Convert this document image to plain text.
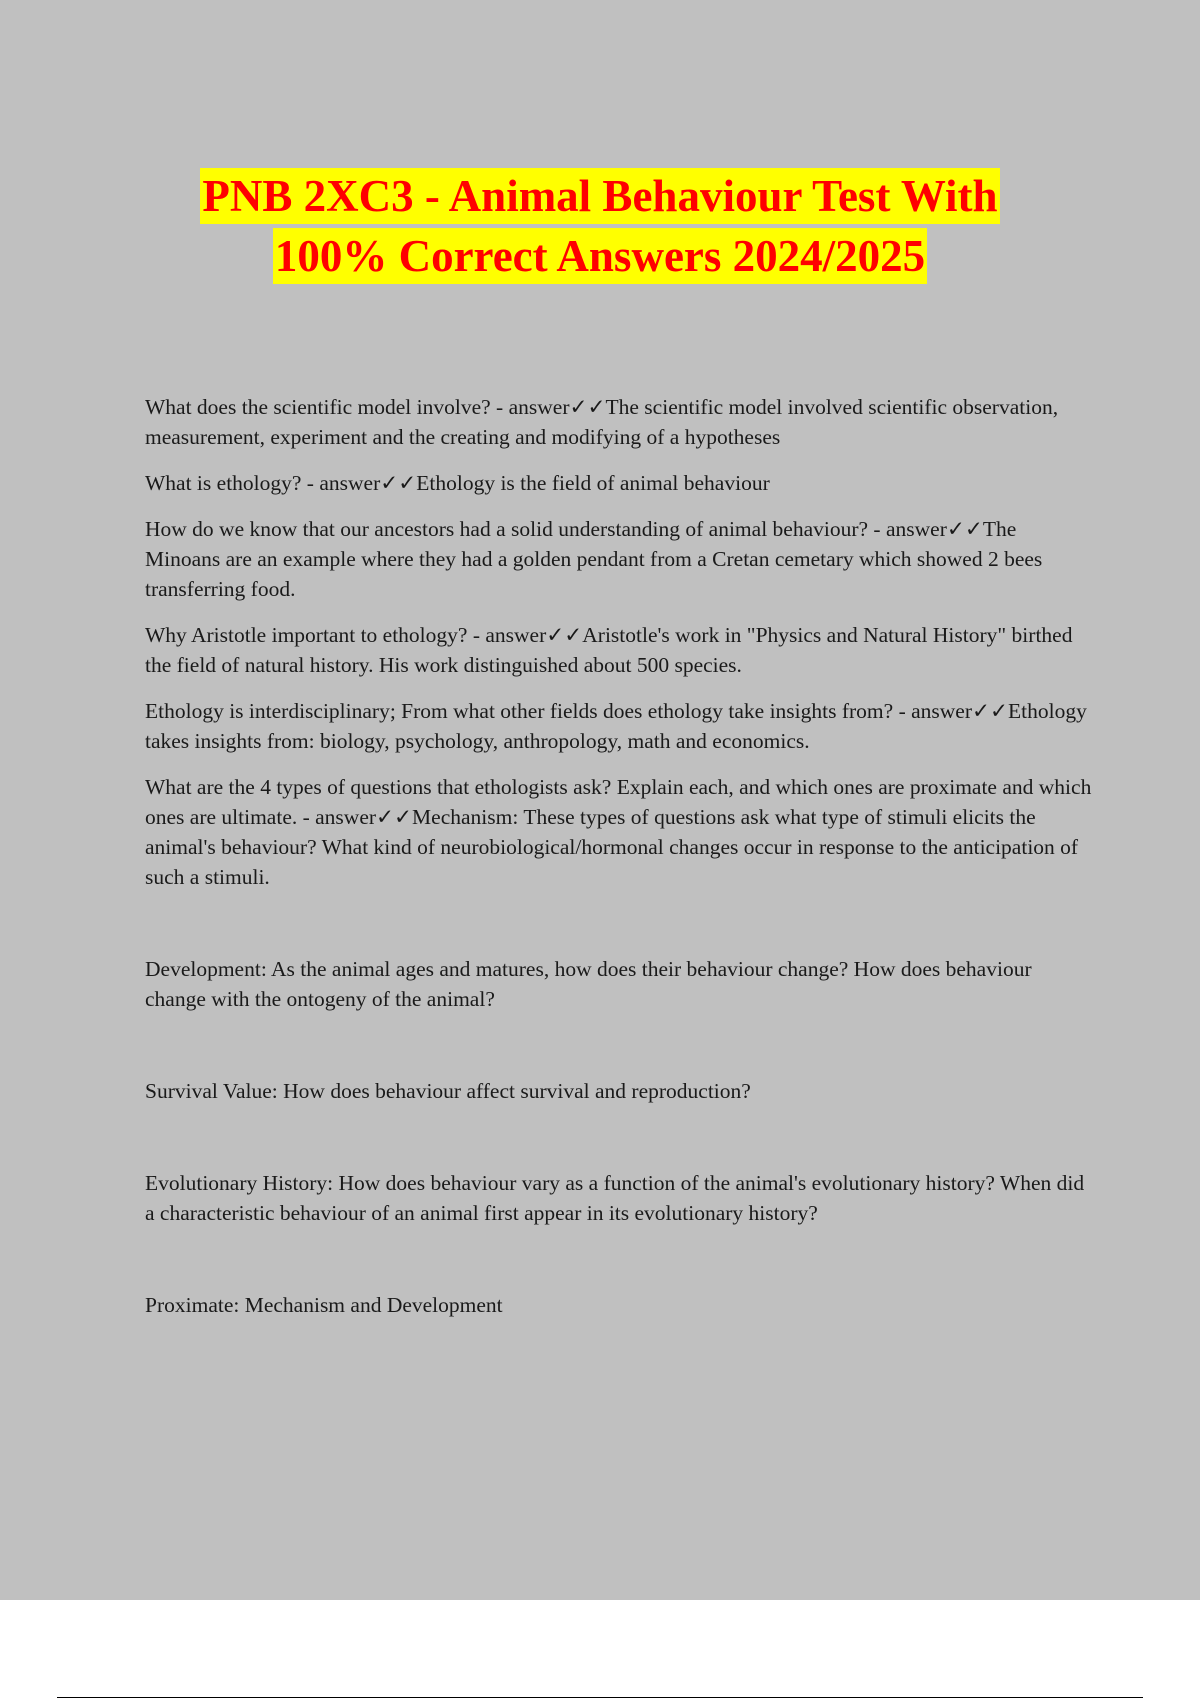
PNB 2XC3 - Animal Behaviour Test With
100% Correct Answers 2024/2025

What does the scientific model involve? - answer✓✓The scientific model involved scientific observation, measurement, experiment and the creating and modifying of a hypotheses

What is ethology? - answer✓✓Ethology is the field of animal behaviour

How do we know that our ancestors had a solid understanding of animal behaviour? - answer✓✓The Minoans are an example where they had a golden pendant from a Cretan cemetary which showed 2 bees transferring food.

Why Aristotle important to ethology? - answer✓✓Aristotle's work in "Physics and Natural History" birthed the field of natural history. His work distinguished about 500 species.

Ethology is interdisciplinary; From what other fields does ethology take insights from? - answer✓✓Ethology takes insights from: biology, psychology, anthropology, math and economics.

What are the 4 types of questions that ethologists ask? Explain each, and which ones are proximate and which ones are ultimate. - answer✓✓Mechanism: These types of questions ask what type of stimuli elicits the animal's behaviour? What kind of neurobiological/hormonal changes occur in response to the anticipation of such a stimuli.

Development: As the animal ages and matures, how does their behaviour change? How does behaviour change with the ontogeny of the animal?

Survival Value: How does behaviour affect survival and reproduction?

Evolutionary History: How does behaviour vary as a function of the animal's evolutionary history? When did a characteristic behaviour of an animal first appear in its evolutionary history?

Proximate: Mechanism and Development
